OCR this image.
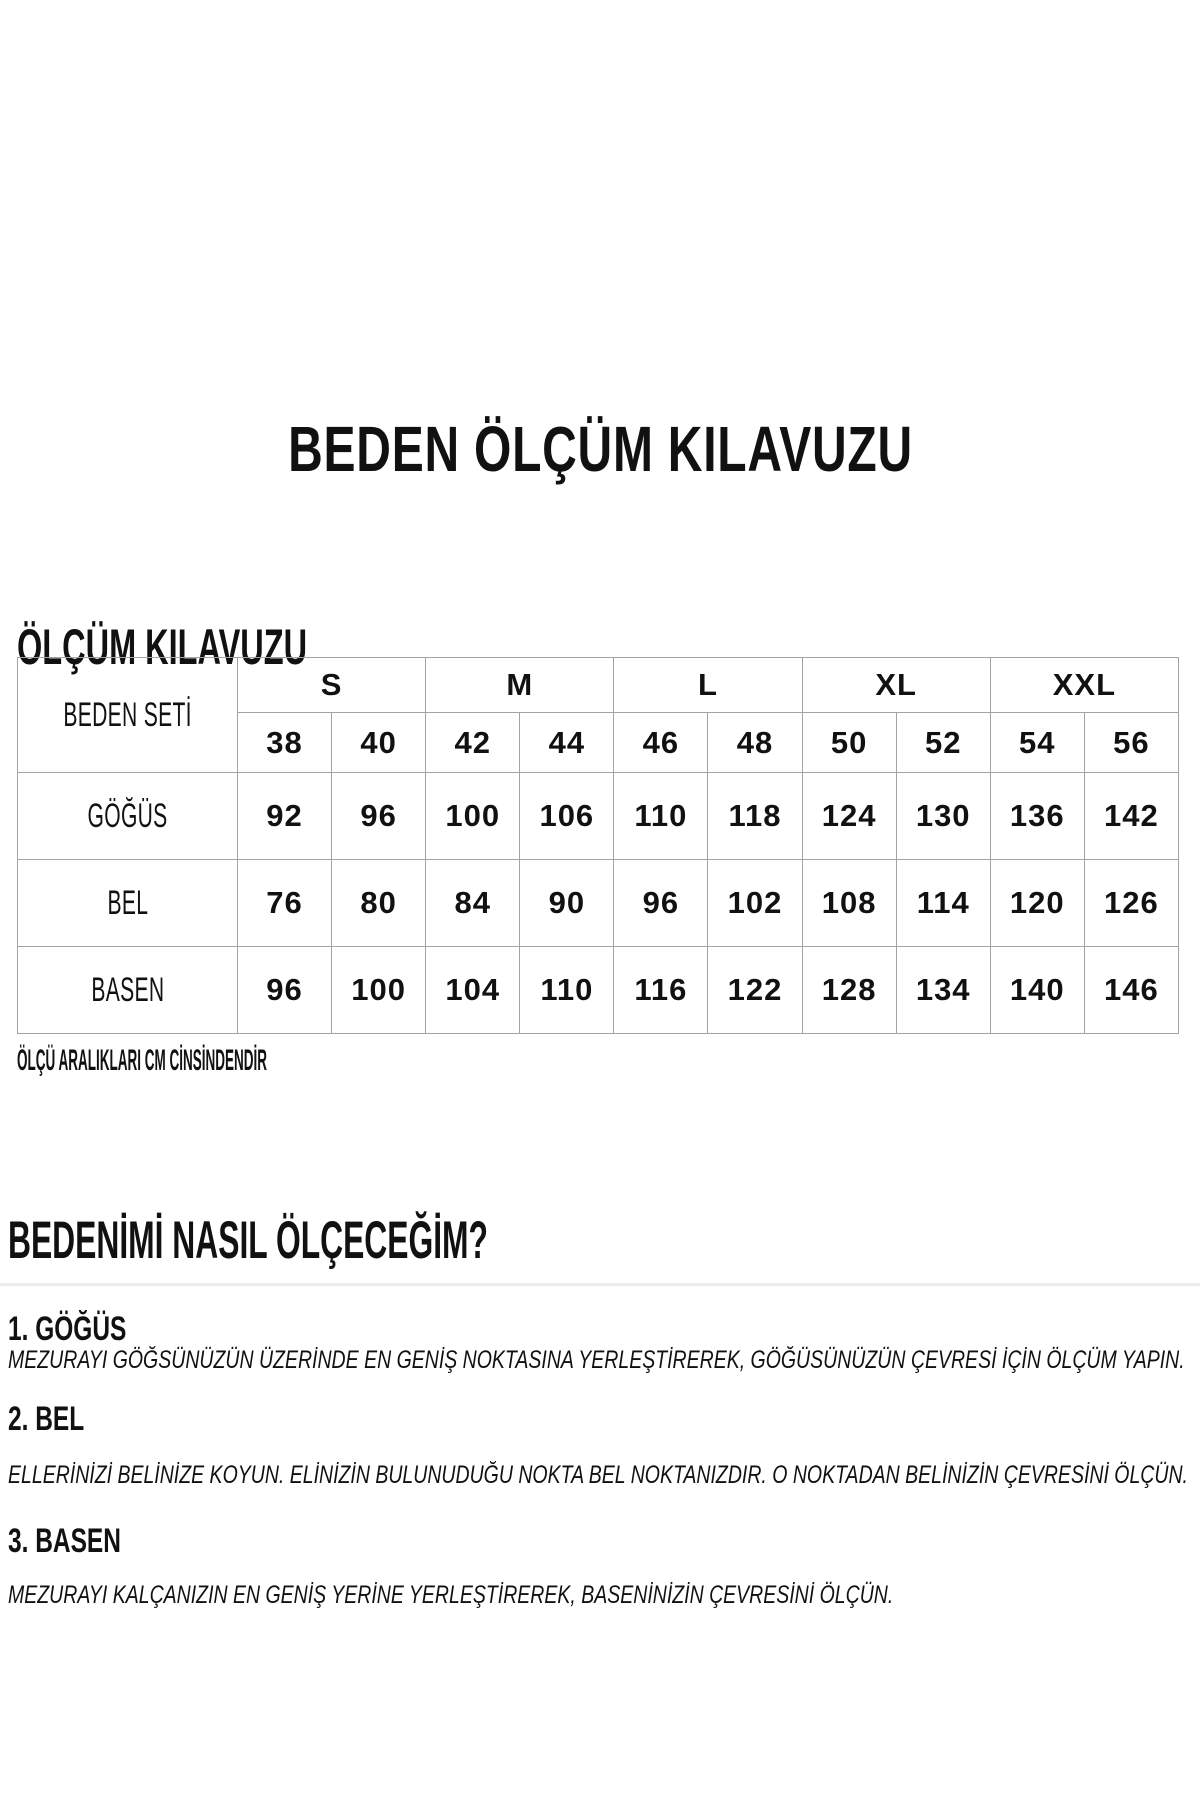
BEDEN ÖLÇÜM KILAVUZU
ÖLÇÜM KILAVUZU
BEDEN SETİ	S		M		L		XL		XXL	
	38	40	42	44	46	48	50	52	54	56
GÖĞÜS	92	96	100	106	110	118	124	130	136	142
BEL	76	80	84	90	96	102	108	114	120	126
BASEN	96	100	104	110	116	122	128	134	140	146
ÖLÇÜ ARALIKLARI CM CİNSİNDENDİR
BEDENİMİ NASIL ÖLÇECEĞİM?
1. GÖĞÜS
MEZURAYI GÖĞSÜNÜZÜN ÜZERİNDE EN GENİŞ NOKTASINA YERLEŞTİREREK, GÖĞÜSÜNÜZÜN ÇEVRESİ İÇİN ÖLÇÜM YAPIN.
2. BEL
ELLERİNİZİ BELİNİZE KOYUN. ELİNİZİN BULUNUDUĞU NOKTA BEL NOKTANIZDIR. O NOKTADAN BELİNİZİN ÇEVRESİNİ ÖLÇÜN.
3. BASEN
MEZURAYI KALÇANIZIN EN GENİŞ YERİNE YERLEŞTİREREK, BASENİNİZİN ÇEVRESİNİ ÖLÇÜN.
